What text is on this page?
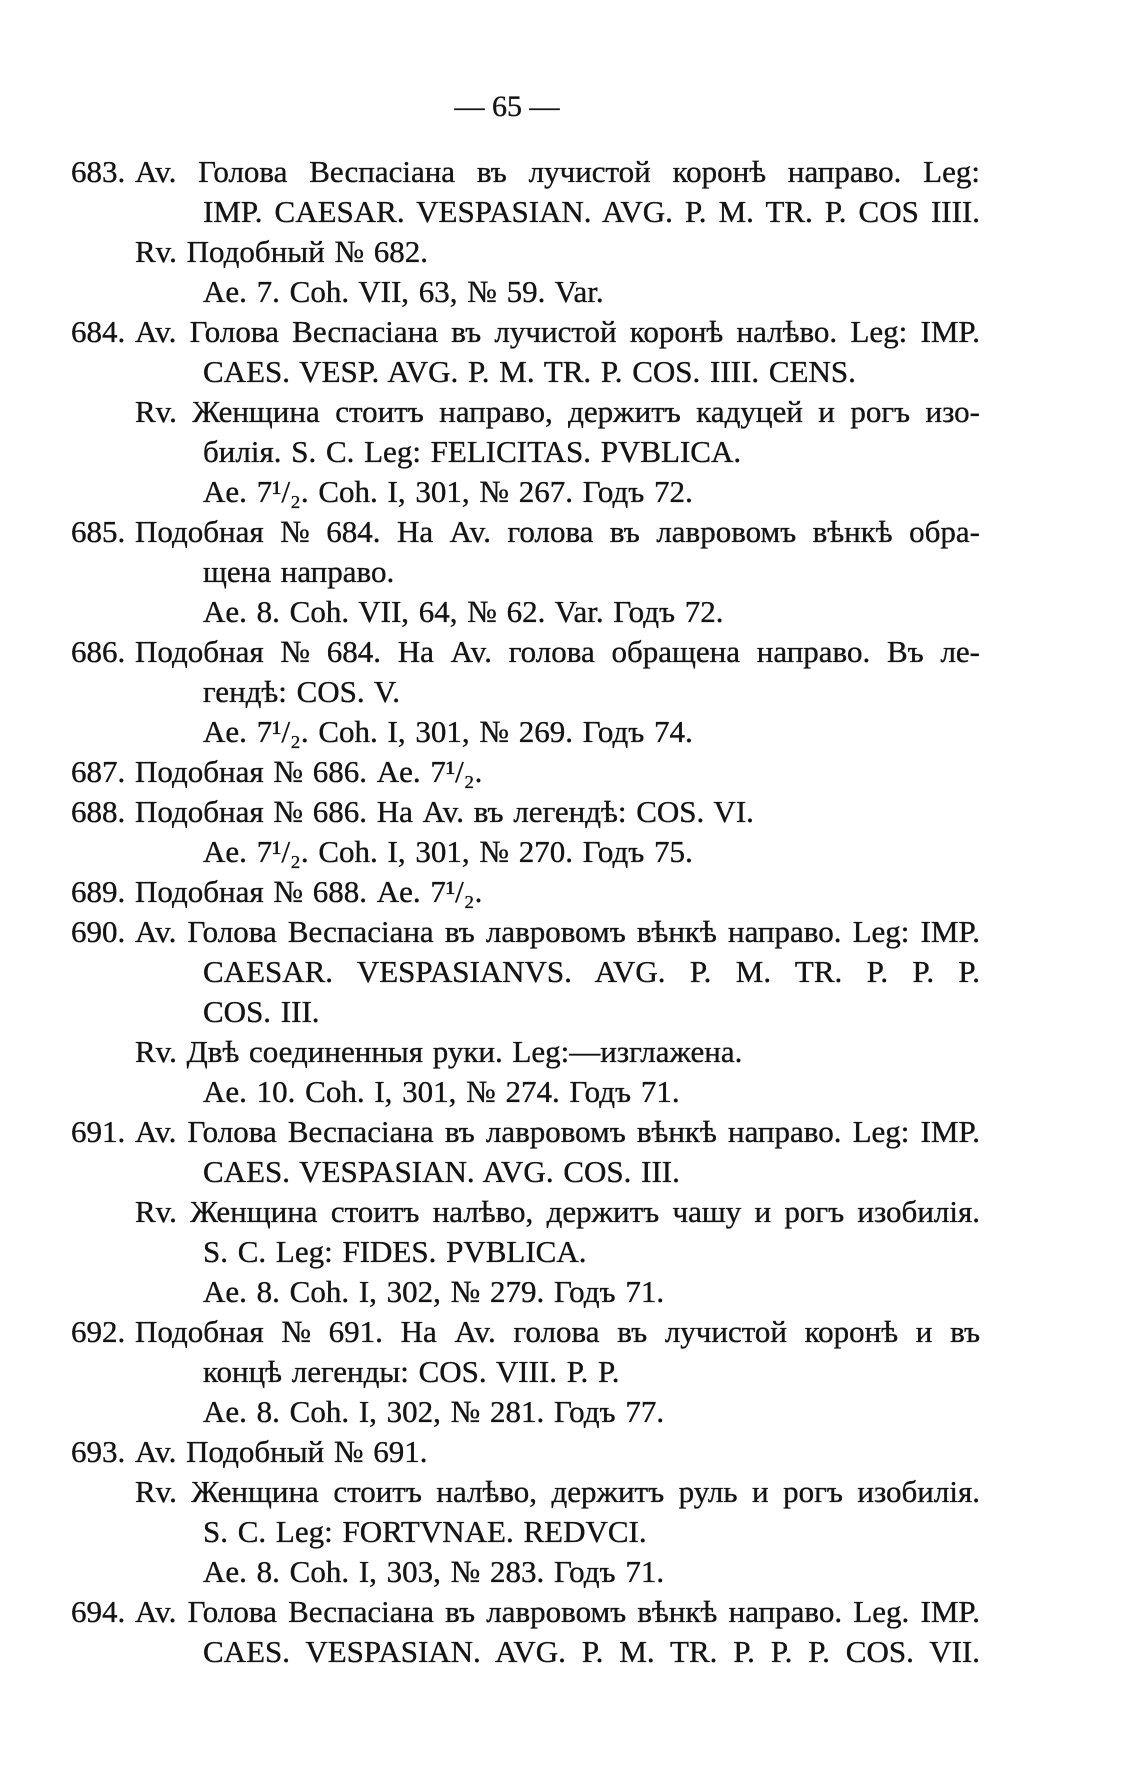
— 65 —
683. Av. Голова Веспасіана въ лучистой коронѣ направо. Leg:
IMP. CAESAR. VESPASIAN. AVG. P. M. TR. P. COS IIII.
Rv. Подобный № 682.
Ae. 7. Coh. VII, 63, № 59. Var.
684. Av. Голова Веспасіана въ лучистой коронѣ налѣво. Leg: IMP.
CAES. VESP. AVG. P. M. TR. P. COS. IIII. CENS.
Rv. Женщина стоитъ направо, держитъ кадуцей и рогъ изо-
билія. S. C. Leg: FELICITAS. PVBLICA.
Ae. 7¹/₂. Coh. I, 301, № 267. Годъ 72.
685. Подобная № 684. На Av. голова въ лавровомъ вѣнкѣ обра-
щена направо.
Ae. 8. Coh. VII, 64, № 62. Var. Годъ 72.
686. Подобная № 684. На Av. голова обращена направо. Въ ле-
гендѣ: COS. V.
Ae. 7¹/₂. Coh. I, 301, № 269. Годъ 74.
687. Подобная № 686. Ae. 7¹/₂.
688. Подобная № 686. На Av. въ легендѣ: COS. VI.
Ae. 7¹/₂. Coh. I, 301, № 270. Годъ 75.
689. Подобная № 688. Ae. 7¹/₂.
690. Av. Голова Веспасіана въ лавровомъ вѣнкѣ направо. Leg: IMP.
CAESAR. VESPASIANVS. AVG. P. M. TR. P. P. P.
COS. III.
Rv. Двѣ соединенныя руки. Leg:—изглажена.
Ae. 10. Coh. I, 301, № 274. Годъ 71.
691. Av. Голова Веспасіана въ лавровомъ вѣнкѣ направо. Leg: IMP.
CAES. VESPASIAN. AVG. COS. III.
Rv. Женщина стоитъ налѣво, держитъ чашу и рогъ изобилія.
S. C. Leg: FIDES. PVBLICA.
Ae. 8. Coh. I, 302, № 279. Годъ 71.
692. Подобная № 691. На Av. голова въ лучистой коронѣ и въ
концѣ легенды: COS. VIII. P. P.
Ae. 8. Coh. I, 302, № 281. Годъ 77.
693. Av. Подобный № 691.
Rv. Женщина стоитъ налѣво, держитъ руль и рогъ изобилія.
S. C. Leg: FORTVNAE. REDVCI.
Ae. 8. Coh. I, 303, № 283. Годъ 71.
694. Av. Голова Веспасіана въ лавровомъ вѣнкѣ направо. Leg. IMP.
CAES. VESPASIAN. AVG. P. M. TR. P. P. P. COS. VII.
